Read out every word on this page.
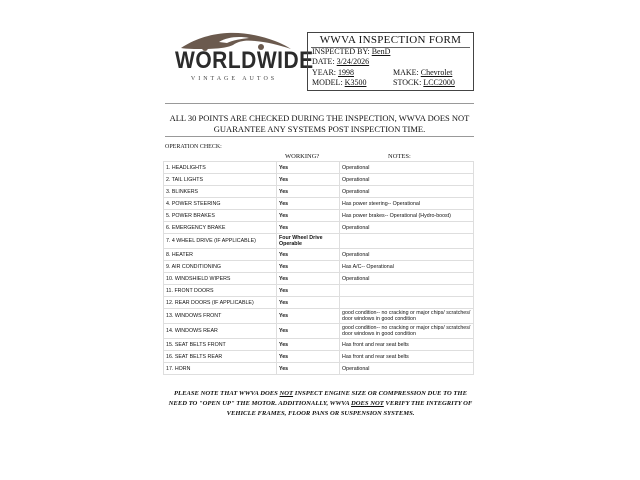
WORLDWIDE
VINTAGE AUTOS
WWVA INSPECTION FORM
INSPECTED BY: BenD
DATE: 3/24/2026
YEAR: 1998	MAKE: Chevrolet
MODEL: K3500	STOCK: LCC2000
ALL 30 POINTS ARE CHECKED DURING THE INSPECTION, WWVA DOES NOT
GUARANTEE ANY SYSTEMS POST INSPECTION TIME.
OPERATION CHECK:
WORKING?	NOTES:
1. HEADLIGHTS	Yes	Operational
2. TAIL LIGHTS	Yes	Operational
3. BLINKERS	Yes	Operational
4. POWER STEERING	Yes	Has power steering-- Operational
5. POWER BRAKES	Yes	Has power brakes-- Operational (Hydro-boost)
6. EMERGENCY BRAKE	Yes	Operational
7. 4 WHEEL DRIVE (IF APPLICABLE)	Four Wheel Drive Operable	
8. HEATER	Yes	Operational
9. AIR CONDITIONING	Yes	Has A/C-- Operational
10. WINDSHIELD WIPERS	Yes	Operational
11. FRONT DOORS	Yes	
12. REAR DOORS (IF APPLICABLE)	Yes	
13. WINDOWS FRONT	Yes	good condition-- no cracking or major chips/ scratches/ door windows in good condition
14. WINDOWS REAR	Yes	good condition-- no cracking or major chips/ scratches/ door windows in good condition
15. SEAT BELTS FRONT	Yes	Has front and rear seat belts
16. SEAT BELTS REAR	Yes	Has front and rear seat belts
17. HORN	Yes	Operational
PLEASE NOTE THAT WWVA DOES NOT INSPECT ENGINE SIZE OR COMPRESSION DUE TO THE NEED TO "OPEN UP" THE MOTOR. ADDITIONALLY, WWVA DOES NOT VERIFY THE INTEGRITY OF VEHICLE FRAMES, FLOOR PANS OR SUSPENSION SYSTEMS.
